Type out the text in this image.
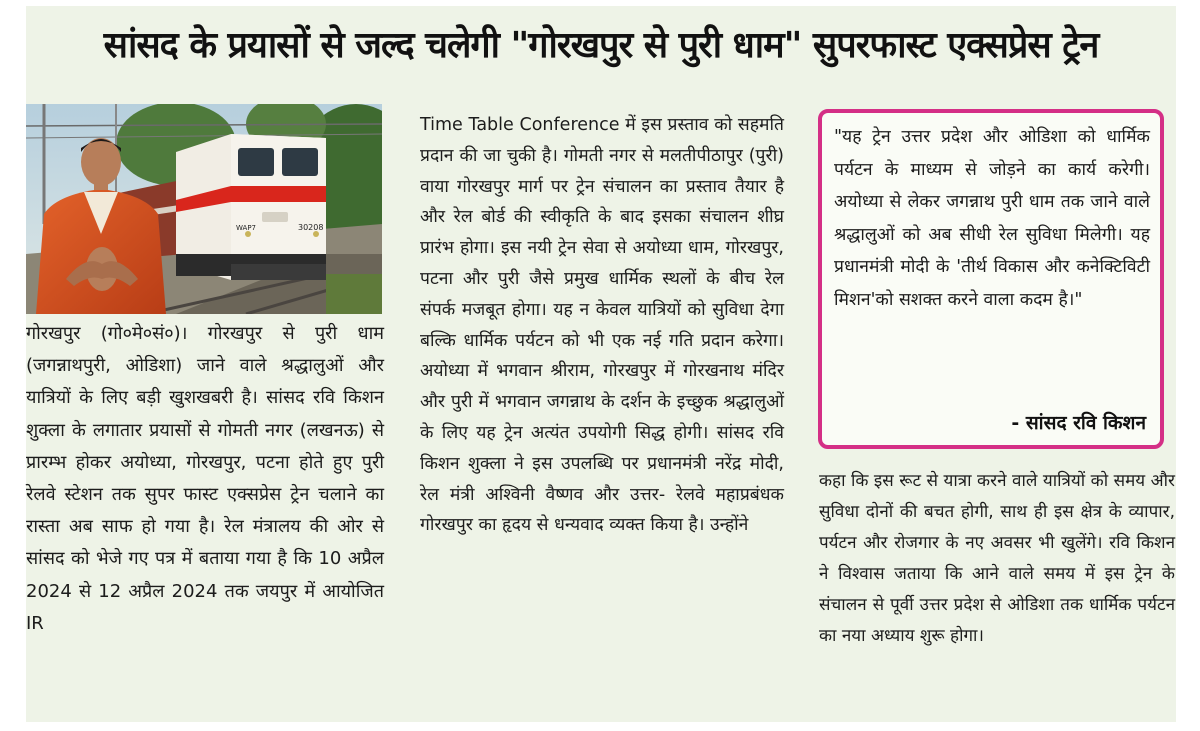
सांसद के प्रयासों से जल्द चलेगी "गोरखपुर से पुरी धाम" सुपरफास्ट एक्सप्रेस ट्रेन
30208
WAP7

गोरखपुर (गो०मे०सं०)। गोरखपुर से पुरी धाम (जगन्नाथपुरी, ओडिशा) जाने वाले श्रद्धालुओं और यात्रियों के लिए बड़ी खुशखबरी है। सांसद रवि किशन शुक्ला के लगातार प्रयासों से गोमती नगर (लखनऊ) से प्रारम्भ होकर अयोध्या, गोरखपुर, पटना होते हुए पुरी रेलवे स्टेशन तक सुपर फास्ट एक्सप्रेस ट्रेन चलाने का रास्ता अब साफ हो गया है। रेल मंत्रालय की ओर से सांसद को भेजे गए पत्र में बताया गया है कि 10 अप्रैल 2024 से 12 अप्रैल 2024 तक जयपुर में आयोजित IR

Time Table Conference में इस प्रस्ताव को सहमति प्रदान की जा चुकी है। गोमती नगर से मलतीपीठापुर (पुरी) वाया गोरखपुर मार्ग पर ट्रेन संचालन का प्रस्ताव तैयार है और रेल बोर्ड की स्वीकृति के बाद इसका संचालन शीघ्र प्रारंभ होगा। इस नयी ट्रेन सेवा से अयोध्या धाम, गोरखपुर, पटना और पुरी जैसे प्रमुख धार्मिक स्थलों के बीच रेल संपर्क मजबूत होगा। यह न केवल यात्रियों को सुविधा देगा बल्कि धार्मिक पर्यटन को भी एक नई गति प्रदान करेगा। अयोध्या में भगवान श्रीराम, गोरखपुर में गोरखनाथ मंदिर और पुरी में भगवान जगन्नाथ के दर्शन के इच्छुक श्रद्धालुओं के लिए यह ट्रेन अत्यंत उपयोगी सिद्ध होगी। सांसद रवि किशन शुक्ला ने इस उपलब्धि पर प्रधानमंत्री नरेंद्र मोदी, रेल मंत्री अश्विनी वैष्णव और उत्तर- रेलवे महाप्रबंधक गोरखपुर का हृदय से धन्यवाद व्यक्त किया है। उन्होंने

"यह ट्रेन उत्तर प्रदेश और ओडिशा को धार्मिक पर्यटन के माध्यम से जोड़ने का कार्य करेगी। अयोध्या से लेकर जगन्नाथ पुरी धाम तक जाने वाले श्रद्धालुओं को अब सीधी रेल सुविधा मिलेगी। यह प्रधानमंत्री मोदी के 'तीर्थ विकास और कनेक्टिविटी मिशन'को सशक्त करने वाला कदम है।"
- सांसद रवि किशन

कहा कि इस रूट से यात्रा करने वाले यात्रियों को समय और सुविधा दोनों की बचत होगी, साथ ही इस क्षेत्र के व्यापार, पर्यटन और रोजगार के नए अवसर भी खुलेंगे। रवि किशन ने विश्वास जताया कि आने वाले समय में इस ट्रेन के संचालन से पूर्वी उत्तर प्रदेश से ओडिशा तक धार्मिक पर्यटन का नया अध्याय शुरू होगा।
